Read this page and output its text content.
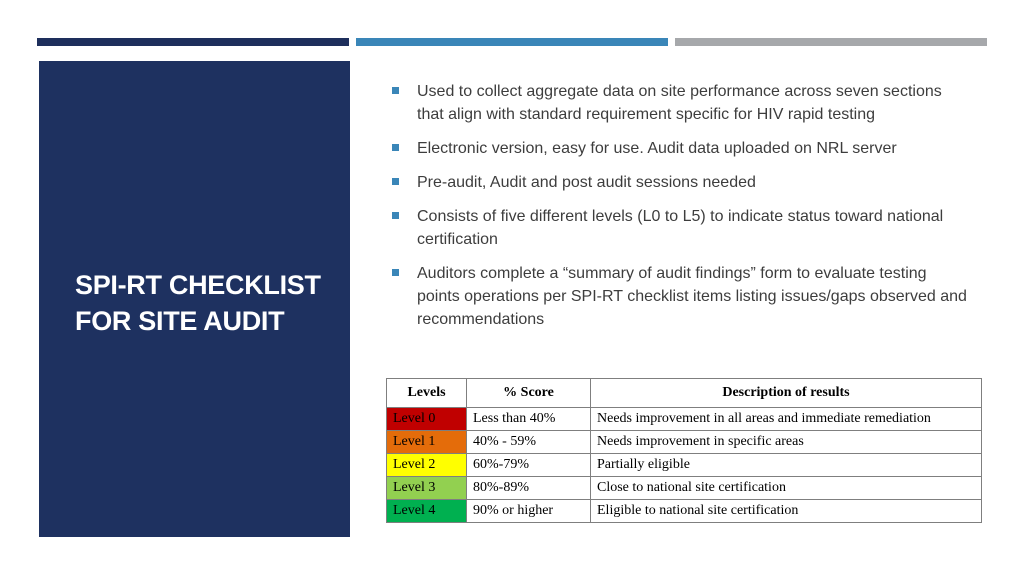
SPI-RT CHECKLIST FOR SITE AUDIT
Used to collect aggregate data on site performance across seven sections that align with standard requirement specific for HIV rapid testing
Electronic version, easy for use. Audit data uploaded on NRL server
Pre-audit, Audit and post audit sessions needed
Consists of five different levels (L0 to L5) to indicate status toward national certification
Auditors complete a “summary of audit findings” form to evaluate testing points operations per SPI-RT checklist items listing issues/gaps observed and recommendations
Levels	% Score	Description of results
Level 0	Less than 40%	Needs improvement in all areas and immediate remediation
Level 1	40% - 59%	Needs improvement in specific areas
Level 2	60%-79%	Partially eligible
Level 3	80%-89%	Close to national site certification
Level 4	90% or higher	Eligible to national site certification
